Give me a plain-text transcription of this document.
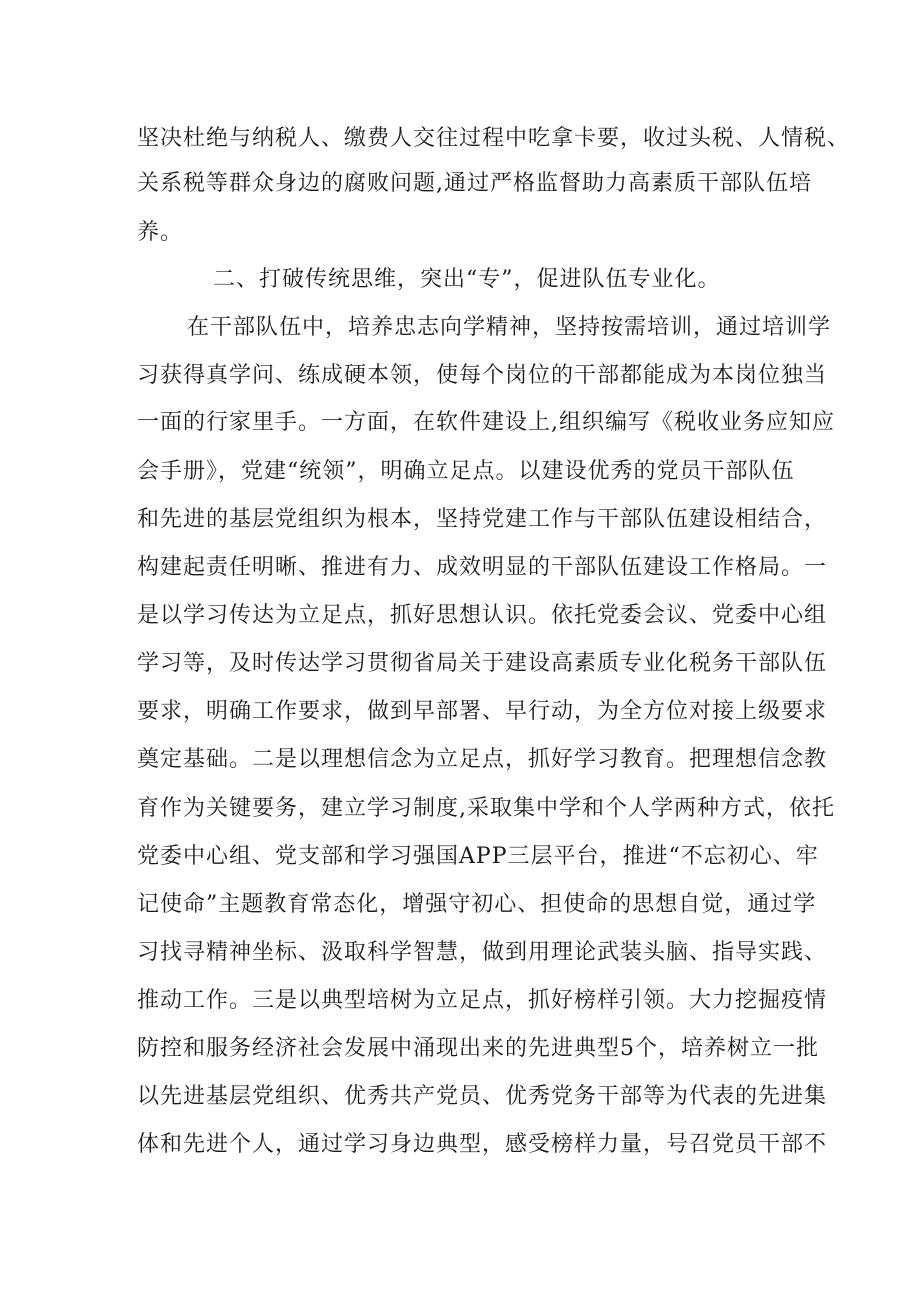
坚决杜绝与纳税人、缴费人交往过程中吃拿卡要，收过头税、人情税、
关系税等群众身边的腐败问题,通过严格监督助力高素质干部队伍培
养。
二、打破传统思维，突出“专”，促进队伍专业化。
在干部队伍中，培养忠志向学精神，坚持按需培训，通过培训学
习获得真学问、练成硬本领，使每个岗位的干部都能成为本岗位独当
一面的行家里手。一方面，在软件建设上,组织编写《税收业务应知应
会手册》，党建“统领”，明确立足点。以建设优秀的党员干部队伍
和先进的基层党组织为根本，坚持党建工作与干部队伍建设相结合，
构建起责任明晰、推进有力、成效明显的干部队伍建设工作格局。一
是以学习传达为立足点，抓好思想认识。依托党委会议、党委中心组
学习等，及时传达学习贯彻省局关于建设高素质专业化税务干部队伍
要求，明确工作要求，做到早部署、早行动，为全方位对接上级要求
奠定基础。二是以理想信念为立足点，抓好学习教育。把理想信念教
育作为关键要务，建立学习制度,采取集中学和个人学两种方式，依托
党委中心组、党支部和学习强国APP三层平台，推进“不忘初心、牢
记使命”主题教育常态化，增强守初心、担使命的思想自觉，通过学
习找寻精神坐标、汲取科学智慧，做到用理论武装头脑、指导实践、
推动工作。三是以典型培树为立足点，抓好榜样引领。大力挖掘疫情
防控和服务经济社会发展中涌现出来的先进典型5个，培养树立一批
以先进基层党组织、优秀共产党员、优秀党务干部等为代表的先进集
体和先进个人，通过学习身边典型，感受榜样力量，号召党员干部不
